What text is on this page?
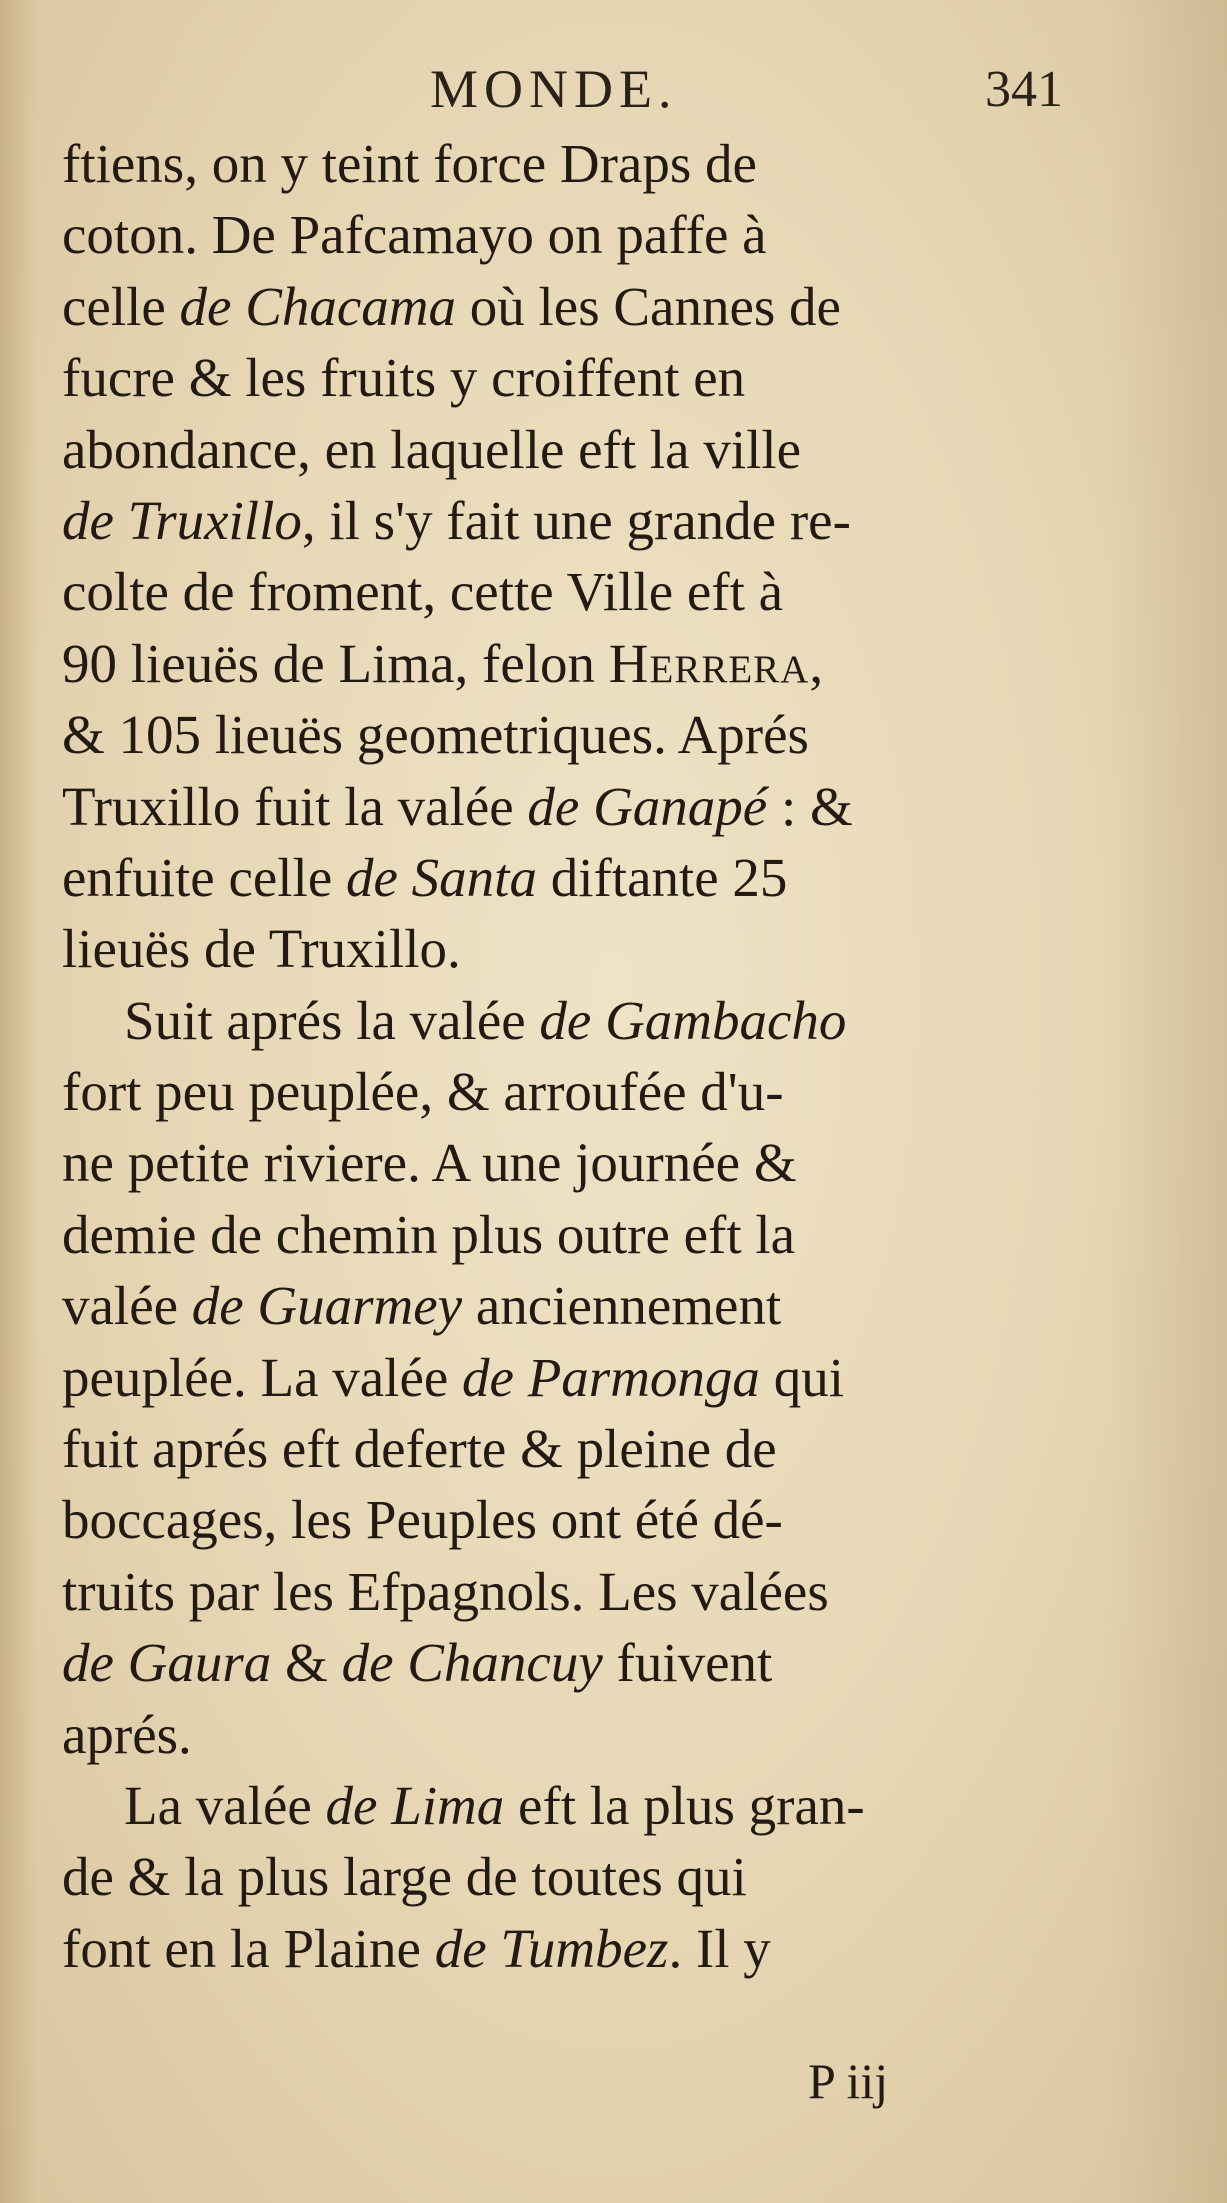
MONDE.	341
ftiens, on y teint force Draps de
coton. De Pafcamayo on paffe à
celle de Chacama où les Cannes de
fucre & les fruits y croiffent en
abondance, en laquelle eft la ville
de Truxillo, il s'y fait une grande re-
colte de froment, cette Ville eft à
90 lieuës de Lima, felon Herrera,
& 105 lieuës geometriques. Aprés
Truxillo fuit la valée de Ganapé : &
enfuite celle de Santa diftante 25
lieuës de Truxillo.
Suit aprés la valée de Gambacho
fort peu peuplée, & arroufée d'u-
ne petite riviere. A une journée &
demie de chemin plus outre eft la
valée de Guarmey anciennement
peuplée. La valée de Parmonga qui
fuit aprés eft deferte & pleine de
boccages, les Peuples ont été dé-
truits par les Efpagnols. Les valées
de Gaura & de Chancuy fuivent
aprés.
La valée de Lima eft la plus gran-
de & la plus large de toutes qui
font en la Plaine de Tumbez. Il y
P iij
